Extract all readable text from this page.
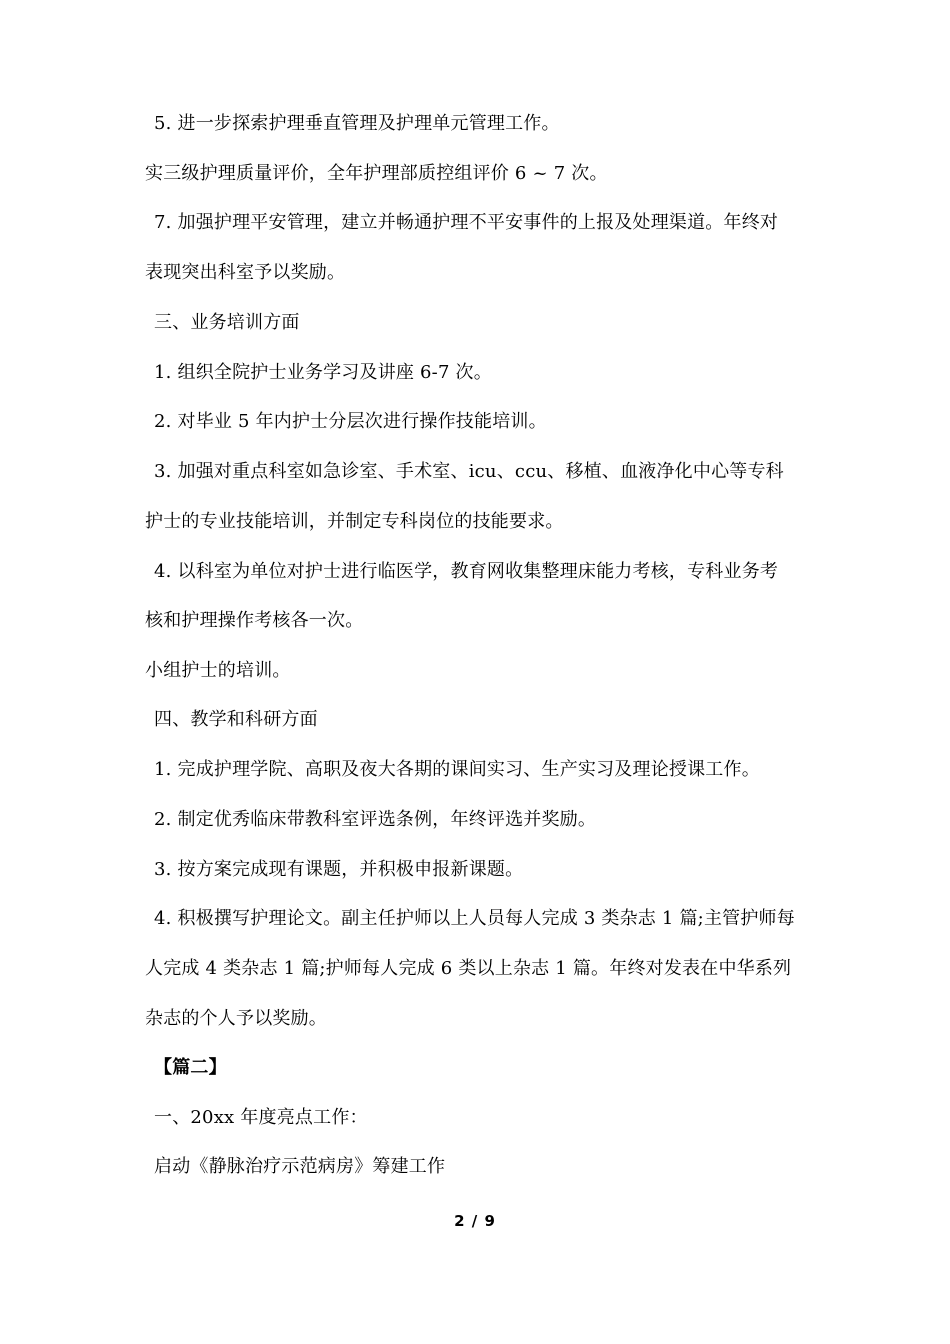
5. 进一步探索护理垂直管理及护理单元管理工作。
实三级护理质量评价，全年护理部质控组评价 6 ~ 7 次。
7. 加强护理平安管理，建立并畅通护理不平安事件的上报及处理渠道。年终对
表现突出科室予以奖励。
三、业务培训方面
1. 组织全院护士业务学习及讲座 6-7 次。
2. 对毕业 5 年内护士分层次进行操作技能培训。
3. 加强对重点科室如急诊室、手术室、icu、ccu、移植、血液净化中心等专科
护士的专业技能培训，并制定专科岗位的技能要求。
4. 以科室为单位对护士进行临医学，教育网收集整理床能力考核，专科业务考
核和护理操作考核各一次。
小组护士的培训。
四、教学和科研方面
1. 完成护理学院、高职及夜大各期的课间实习、生产实习及理论授课工作。
2. 制定优秀临床带教科室评选条例，年终评选并奖励。
3. 按方案完成现有课题，并积极申报新课题。
4. 积极撰写护理论文。副主任护师以上人员每人完成 3 类杂志 1 篇;主管护师每
人完成 4 类杂志 1 篇;护师每人完成 6 类以上杂志 1 篇。年终对发表在中华系列
杂志的个人予以奖励。
【篇二】
一、20xx 年度亮点工作：
启动《静脉治疗示范病房》筹建工作
2 / 9
